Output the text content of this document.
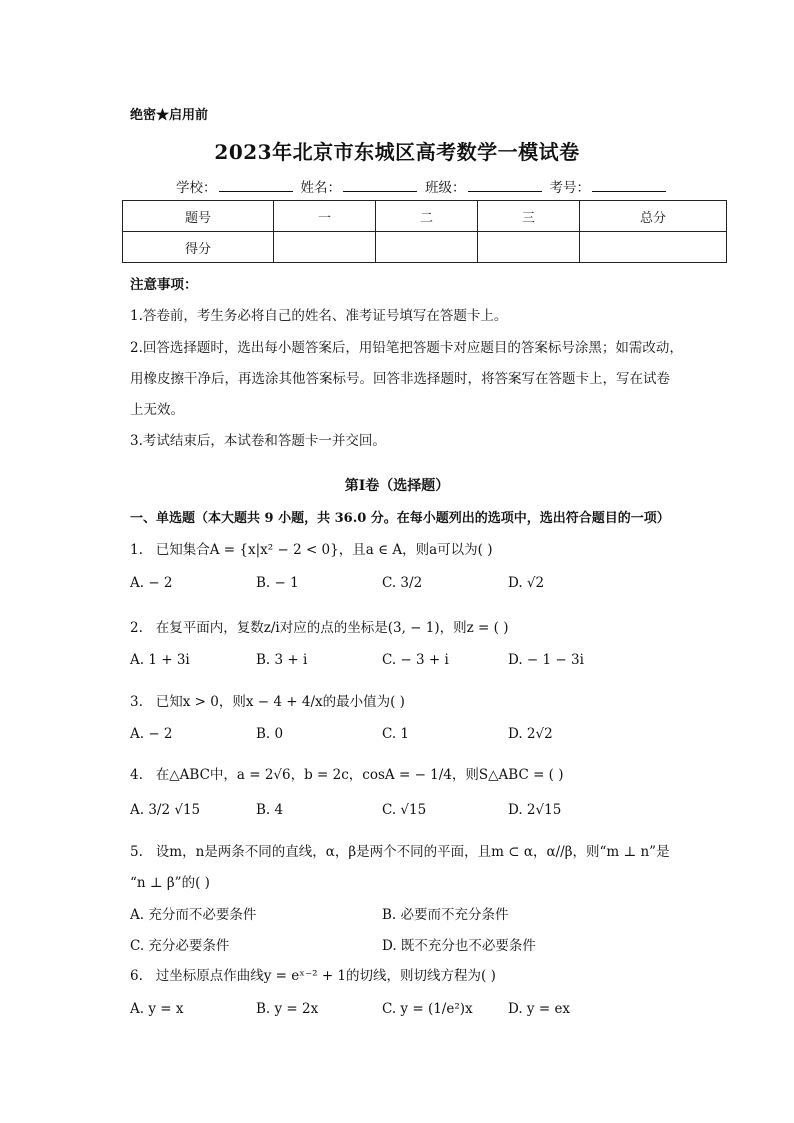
绝密★启用前
2023年北京市东城区高考数学一模试卷
学校：	姓名：	班级：	考号：
题号	一	二	三	总分
得分				
注意事项：
1.答卷前，考生务必将自己的姓名、准考证号填写在答题卡上。
2.回答选择题时，选出每小题答案后，用铅笔把答题卡对应题目的答案标号涂黑；如需改动，
用橡皮擦干净后，再选涂其他答案标号。回答非选择题时，将答案写在答题卡上，写在试卷
上无效。
3.考试结束后，本试卷和答题卡一并交回。
第I卷（选择题）
一、单选题（本大题共 9 小题，共 36.0 分。在每小题列出的选项中，选出符合题目的一项）
1. 已知集合A = {x|x² − 2 < 0}，且a ∈ A，则a可以为( )
A. − 2	B. − 1	C. 3/2	D. √2
2. 在复平面内，复数z/i对应的点的坐标是(3, − 1)，则z = ( )
A. 1 + 3i	B. 3 + i	C. − 3 + i	D. − 1 − 3i
3. 已知x > 0，则x − 4 + 4/x的最小值为( )
A. − 2	B. 0	C. 1	D. 2√2
4. 在△ABC中，a = 2√6，b = 2c，cosA = − 1/4，则S△ABC = ( )
A. 3/2 √15	B. 4	C. √15	D. 2√15
5. 设m，n是两条不同的直线，α，β是两个不同的平面，且m ⊂ α，α//β，则“m ⊥ n”是
“n ⊥ β”的( )
A. 充分而不必要条件	B. 必要而不充分条件
C. 充分必要条件	D. 既不充分也不必要条件
6. 过坐标原点作曲线y = eˣ⁻² + 1的切线，则切线方程为( )
A. y = x	B. y = 2x	C. y = (1/e²)x	D. y = ex
